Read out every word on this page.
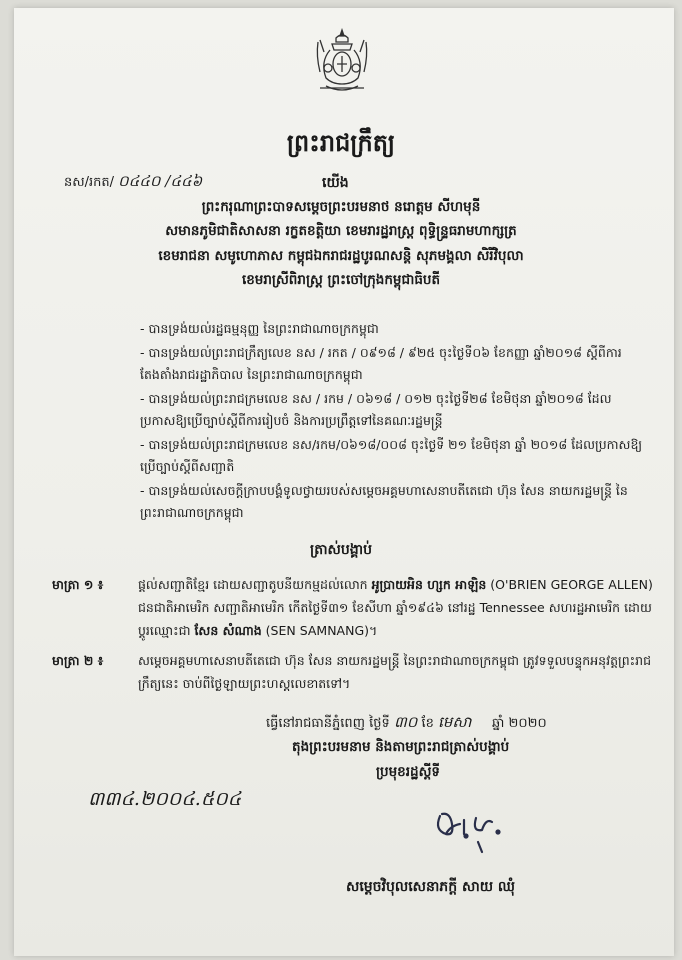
ព្រះរាជក្រឹត្យ
នស/រកត/ ០៤៤០ /៤៤៦	យើង
ព្រះករុណាព្រះបាទសម្តេចព្រះបរមនាថ នរោត្តម សីហមុនី
សមានភូមិជាតិសាសនា រក្ខតខត្តិយា ខេមរារដ្ឋរាស្ត្រ ពុទ្ធិន្ទ្រធរាមហាក្សត្រ
ខេមរាជនា សមូហោភាស កម្ពុជឯករាជរដ្ឋបូរណសន្តិ សុភមង្គលា សិរីវិបុលា
ខេមរាស្រីពិរាស្ត្រ ព្រះចៅក្រុងកម្ពុជាធិបតី
- បានទ្រង់យល់រដ្ឋធម្មនុញ្ញ នៃព្រះរាជាណាចក្រកម្ពុជា
- បានទ្រង់យល់ព្រះរាជក្រឹត្យលេខ នស / រកត / ០៩១៨ / ៩២៥ ចុះថ្ងៃទី០៦ ខែកញ្ញា ឆ្នាំ២០១៨ ស្តីពីការតែងតាំងរាជរដ្ឋាភិបាល នៃព្រះរាជាណាចក្រកម្ពុជា
- បានទ្រង់យល់ព្រះរាជក្រមលេខ នស / រកម / ០៦១៨ / ០១២ ចុះថ្ងៃទី២៨ ខែមិថុនា ឆ្នាំ២០១៨ ដែលប្រកាសឱ្យប្រើច្បាប់ស្តីពីការរៀបចំ និងការប្រព្រឹត្តទៅនៃគណៈរដ្ឋមន្ត្រី
- បានទ្រង់យល់ព្រះរាជក្រមលេខ នស/រកម/០៦១៨/០០៨ ចុះថ្ងៃទី ២១ ខែមិថុនា ឆ្នាំ ២០១៨ ដែលប្រកាសឱ្យប្រើច្បាប់ស្តីពីសញ្ជាតិ
- បានទ្រង់យល់សេចក្តីក្រាបបង្គំទូលថ្វាយរបស់សម្តេចអគ្គមហាសេនាបតីតេជោ ហ៊ុន សែន នាយករដ្ឋមន្ត្រី នៃព្រះរាជាណាចក្រកម្ពុជា
ត្រាស់បង្គាប់
មាត្រា ១ ៖	ផ្តល់សញ្ជាតិខ្មែរ ដោយសញ្ជាតូបនីយកម្មដល់លោក អូប្រាយអិន ហ្សក អាឡិន (O'BRIEN GEORGE ALLEN) ជនជាតិអាមេរិក សញ្ជាតិអាមេរិក កើតថ្ងៃទី៣១ ខែសីហា ឆ្នាំ១៩៤៦ នៅរដ្ឋ Tennessee សហរដ្ឋអាមេរិក ដោយប្តូរឈ្មោះជា សែន សំណាង (SEN SAMNANG)។
មាត្រា ២ ៖	សម្តេចអគ្គមហាសេនាបតីតេជោ ហ៊ុន សែន នាយករដ្ឋមន្ត្រី នៃព្រះរាជាណាចក្រកម្ពុជា ត្រូវទទួលបន្ទុកអនុវត្តព្រះរាជក្រឹត្យនេះ ចាប់ពីថ្ងៃឡាយព្រះហស្តលេខាតទៅ។
ធ្វើនៅរាជធានីភ្នំពេញ ថ្ងៃទី ៣០ ខែ មេសា ឆ្នាំ ២០២០
តុងព្រះបរមនាម និងតាមព្រះរាជត្រាស់បង្គាប់
ប្រមុខរដ្ឋស្តីទី
៣៣៤.២០០៤.៥០៤
សម្តេចវិបុលសេនាភក្តី សាយ ឈុំ
